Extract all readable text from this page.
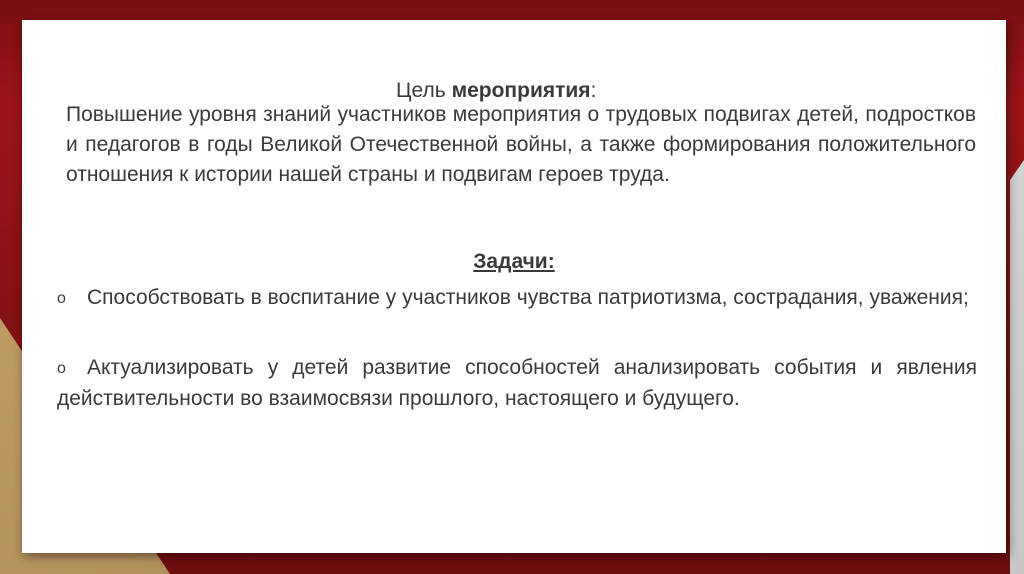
Цель мероприятия:

Повышение уровня знаний участников мероприятия о трудовых подвигах детей, подростков и педагогов в годы Великой Отечественной войны, а также формирования положительного отношения к истории нашей страны и подвигам героев труда.

Задачи:

o Способствовать в воспитание у участников чувства патриотизма, сострадания, уважения;

o Актуализировать у детей развитие способностей анализировать события и явления действительности во взаимосвязи прошлого, настоящего и будущего.
